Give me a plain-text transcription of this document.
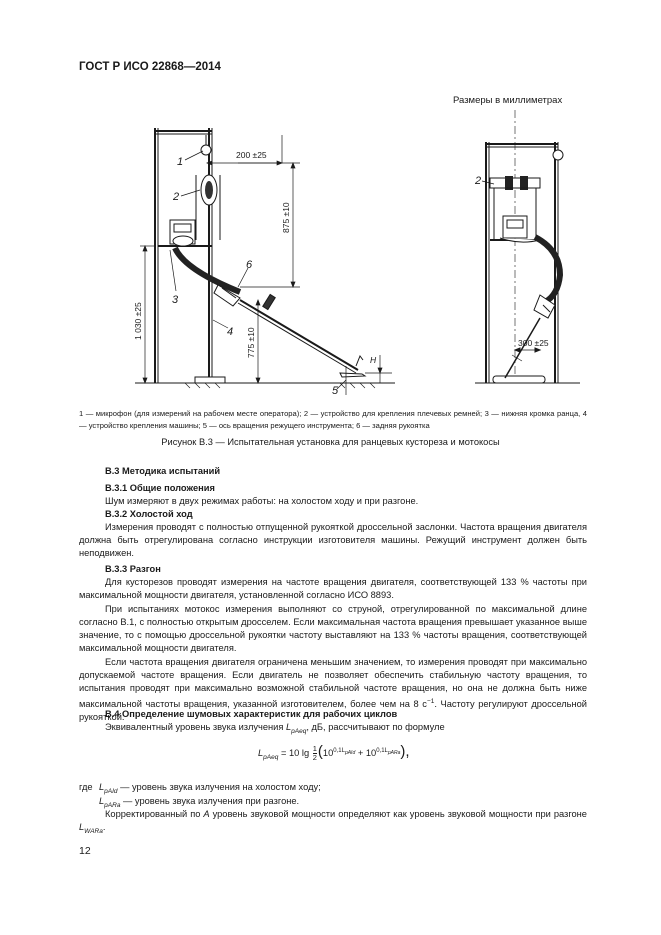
ГОСТ Р ИСО 22868—2014
Размеры в миллиметрах
1
2
3
4
5
6
2
200 ±25
875 ±10
1 030 ±25
775 ±10	300 ±25
H
1 — микрофон (для измерений на рабочем месте оператора); 2 — устройство для крепления плечевых ремней; 3 — нижняя кромка ранца, 4 — устройство крепления машины; 5 — ось вращения режущего инструмента; 6 — задняя рукоятка
Рисунок В.3 — Испытательная установка для ранцевых кустореза и мотокосы
В.3 Методика испытаний
В.3.1 Общие положения
Шум измеряют в двух режимах работы: на холостом ходу и при разгоне.
В.3.2 Холостой ход
Измерения проводят с полностью отпущенной рукояткой дроссельной заслонки. Частота вращения двигателя должна быть отрегулирована согласно инструкции изготовителя машины. Режущий инструмент должен быть неподвижен.
В.3.3 Разгон
Для кусторезов проводят измерения на частоте вращения двигателя, соответствующей 133 % частоты при максимальной мощности двигателя, установленной согласно ИСО 8893.
При испытаниях мотокос измерения выполняют со струной, отрегулированной по максимальной длине согласно В.1, с полностью открытым дросселем. Если максимальная частота вращения превышает указанное выше значение, то с помощью дроссельной рукоятки частоту выставляют на 133 % частоты вращения, соответствующей максимальной мощности двигателя.
Если частота вращения двигателя ограничена меньшим значением, то измерения проводят при максимально допускаемой частоте вращения. Если двигатель не позволяет обеспечить стабильную частоту вращения, то испытания проводят при максимально возможной стабильной частоте вращения, но она не должна быть ниже максимальной частоты вращения, указанной изготовителем, более чем на 8 $с^{-1}$. Частоту регулируют дроссельной рукояткой.
В.4 Определение шумовых характеристик для рабочих циклов
Эквивалентный уровень звука излучения $L_{pAeq}$, дБ, рассчитывают по формуле
$L_{pAeq} = 10$ $\lg \frac{1}{2} (10^{0,1L_{pAId}} + 10^{0,1L_{pARa}})$,
где $L_{pAId}$ — уровень звука излучения на холостом ходу;
$L_{pARa}$ — уровень звука излучения при разгоне.
Корректированный по A уровень звуковой мощности определяют как уровень звуковой мощности при разгоне $L_{WARa}$.
12
